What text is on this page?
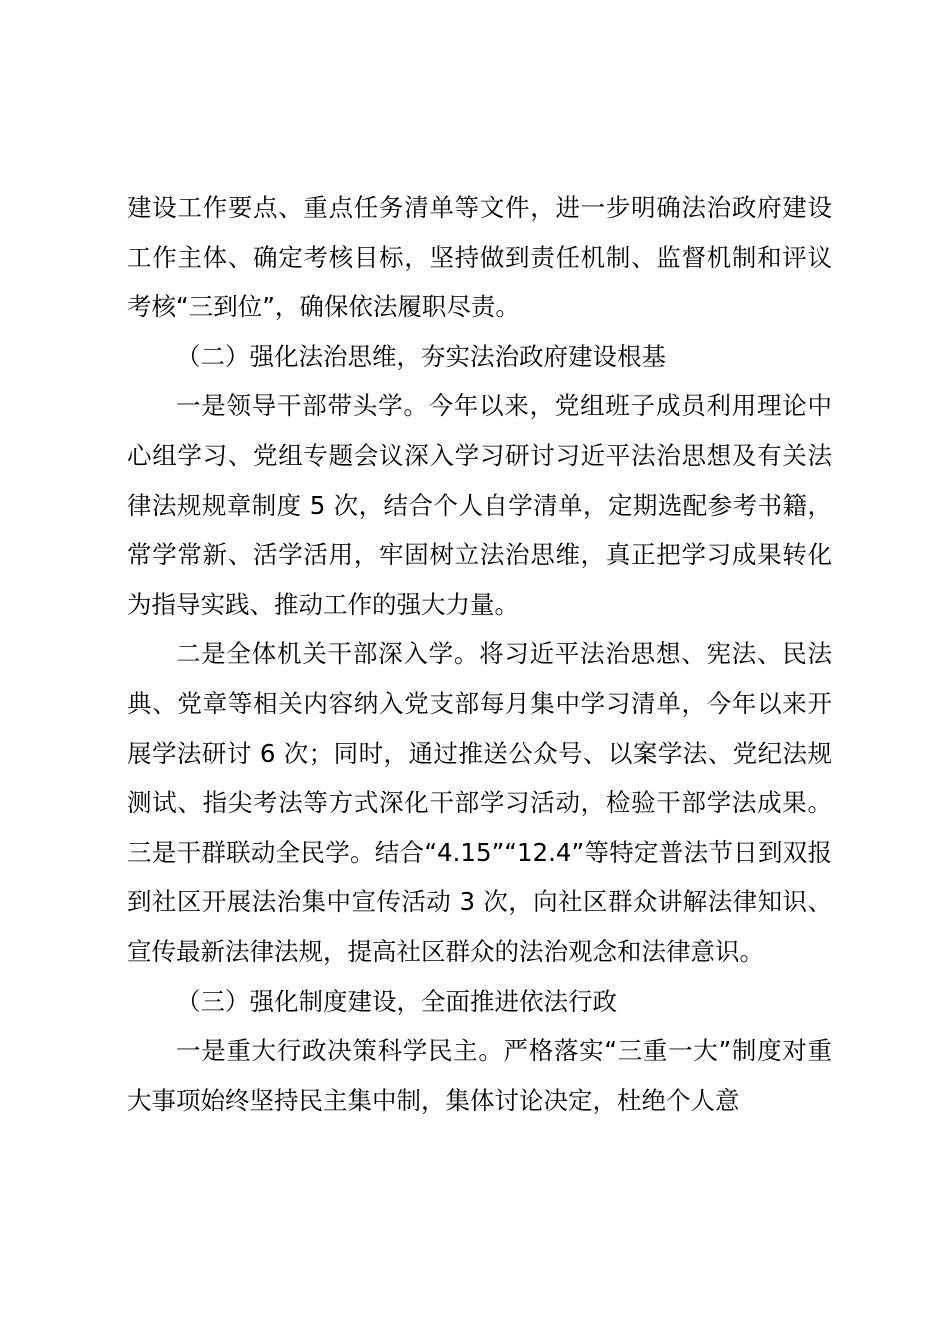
建设工作要点、重点任务清单等文件，进一步明确法治政府建设工作主体、确定考核目标，坚持做到责任机制、监督机制和评议考核“三到位”，确保依法履职尽责。

（二）强化法治思维，夯实法治政府建设根基

一是领导干部带头学。今年以来，党组班子成员利用理论中心组学习、党组专题会议深入学习研讨习近平法治思想及有关法律法规规章制度 5 次，结合个人自学清单，定期选配参考书籍，常学常新、活学活用，牢固树立法治思维，真正把学习成果转化为指导实践、推动工作的强大力量。

二是全体机关干部深入学。将习近平法治思想、宪法、民法典、党章等相关内容纳入党支部每月集中学习清单，今年以来开展学法研讨 6 次；同时，通过推送公众号、以案学法、党纪法规测试、指尖考法等方式深化干部学习活动，检验干部学法成果。三是干群联动全民学。结合“4.15”“12.4”等特定普法节日到双报到社区开展法治集中宣传活动 3 次，向社区群众讲解法律知识、宣传最新法律法规，提高社区群众的法治观念和法律意识。

（三）强化制度建设，全面推进依法行政

一是重大行政决策科学民主。严格落实“三重一大”制度对重大事项始终坚持民主集中制，集体讨论决定，杜绝个人意
